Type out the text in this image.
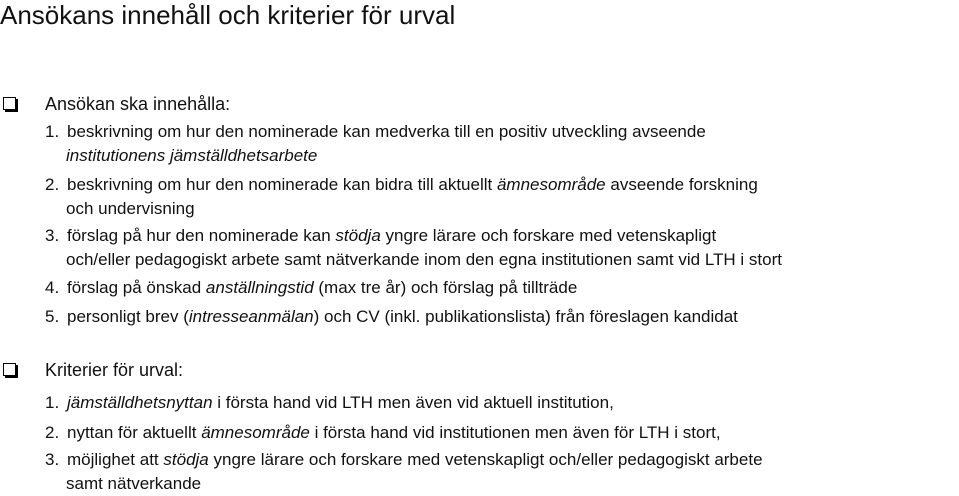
Ansökans innehåll och kriterier för urval
Ansökan ska innehålla:
1. beskrivning om hur den nominerade kan medverka till en positiv utveckling avseende
institutionens jämställdhetsarbete
2. beskrivning om hur den nominerade kan bidra till aktuellt ämnesområde avseende forskning
och undervisning
3. förslag på hur den nominerade kan stödja yngre lärare och forskare med vetenskapligt
och/eller pedagogiskt arbete samt nätverkande inom den egna institutionen samt vid LTH i stort
4. förslag på önskad anställningstid (max tre år) och förslag på tillträde
5. personligt brev (intresseanmälan) och CV (inkl. publikationslista) från föreslagen kandidat
Kriterier för urval:
1. jämställdhetsnyttan i första hand vid LTH men även vid aktuell institution,
2. nyttan för aktuellt ämnesområde i första hand vid institutionen men även för LTH i stort,
3. möjlighet att stödja yngre lärare och forskare med vetenskapligt och/eller pedagogiskt arbete
samt nätverkande
